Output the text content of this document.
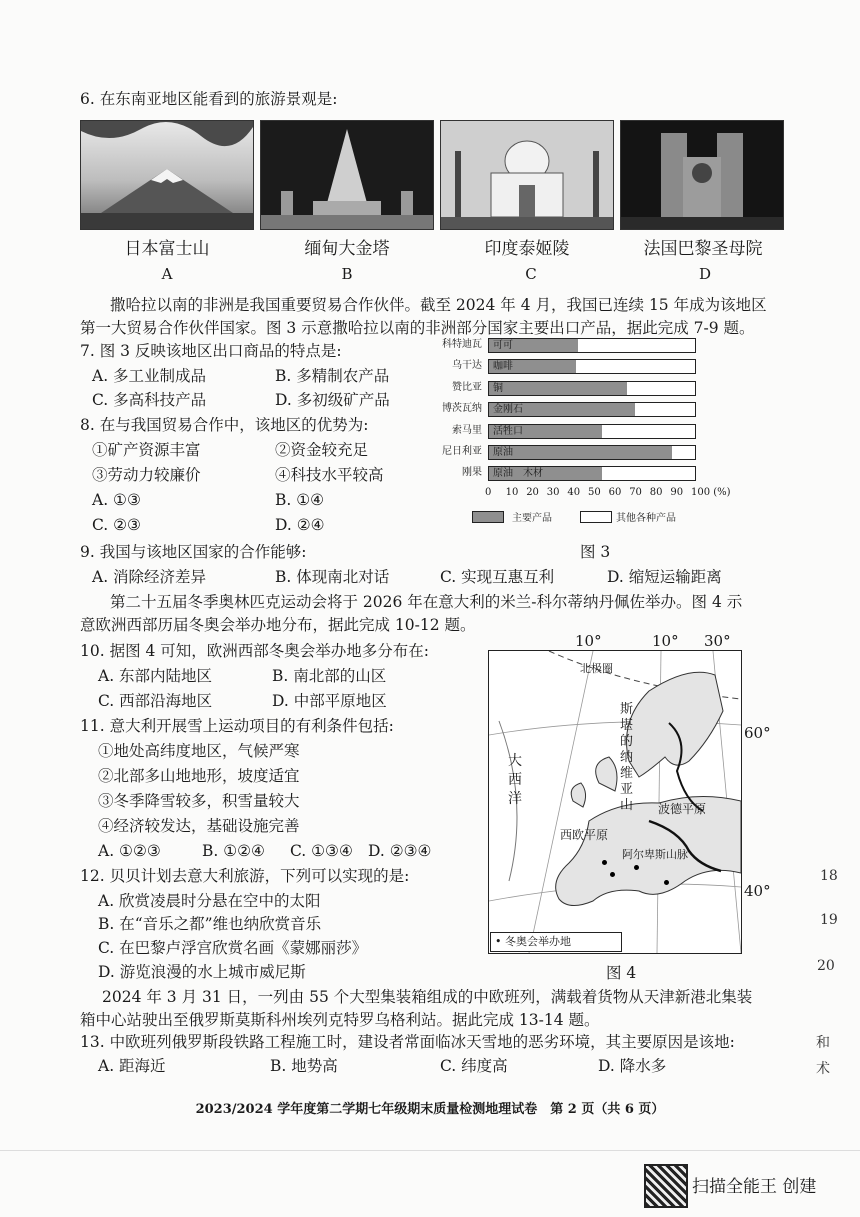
6. 在东南亚地区能看到的旅游景观是:
日本富士山	缅甸大金塔	印度泰姬陵	法国巴黎圣母院
A	B	C	D
撒哈拉以南的非洲是我国重要贸易合作伙伴。截至 2024 年 4 月，我国已连续 15 年成为该地区
第一大贸易合作伙伴国家。图 3 示意撒哈拉以南的非洲部分国家主要出口产品，据此完成 7-9 题。
7. 图 3 反映该地区出口商品的特点是:
A. 多工业制成品	B. 多精制农产品
C. 多高科技产品	D. 多初级矿产品
8. 在与我国贸易合作中，该地区的优势为:
①矿产资源丰富	②资金较充足
③劳动力较廉价	④科技水平较高
A. ①③	B. ①④
C. ②③	D. ②④
科特迪瓦 可可
乌干达 咖啡
赞比亚 铜
博茨瓦纳 金刚石
索马里 活牲口
尼日利亚 原油
刚果 原油　木材
0 10 20 30 40 50 60 70 80 90 100 (%)
主要产品	其他各种产品
图 3
9. 我国与该地区国家的合作能够:
A. 消除经济差异	B. 体现南北对话	C. 实现互惠互利	D. 缩短运输距离
第二十五届冬季奥林匹克运动会将于 2026 年在意大利的米兰-科尔蒂纳丹佩佐举办。图 4 示
意欧洲西部历届冬奥会举办地分布，据此完成 10-12 题。
10. 据图 4 可知，欧洲西部冬奥会举办地多分布在:
A. 东部内陆地区	B. 南北部的山区
C. 西部沿海地区	D. 中部平原地区
11. 意大利开展雪上运动项目的有利条件包括:
①地处高纬度地区，气候严寒
②北部多山地地形，坡度适宜
③冬季降雪较多，积雪量较大
④经济较发达，基础设施完善
A. ①②③	B. ①②④ C. ①③④ D. ②③④
12. 贝贝计划去意大利旅游，下列可以实现的是:
A. 欣赏凌晨时分悬在空中的太阳
B. 在“音乐之都”维也纳欣赏音乐
C. 在巴黎卢浮宫欣赏名画《蒙娜丽莎》
D. 游览浪漫的水上城市威尼斯
10°	10° 30°
北极圈
大西洋
斯堪的纳维亚山 波德平原
西欧平原
阿尔卑斯山脉
60°
40°
• 冬奥会举办地
图 4
2024 年 3 月 31 日，一列由 55 个大型集装箱组成的中欧班列，满载着货物从天津新港北集装
箱中心站驶出至俄罗斯莫斯科州埃列克特罗乌格利站。据此完成 13-14 题。
13. 中欧班列俄罗斯段铁路工程施工时，建设者常面临冰天雪地的恶劣环境，其主要原因是该地:
A. 距海近	B. 地势高	C. 纬度高	D. 降水多
2023/2024 学年度第二学期七年级期末质量检测地理试卷　第 2 页（共 6 页）
18
19
20
和
术
扫描全能王 创建
